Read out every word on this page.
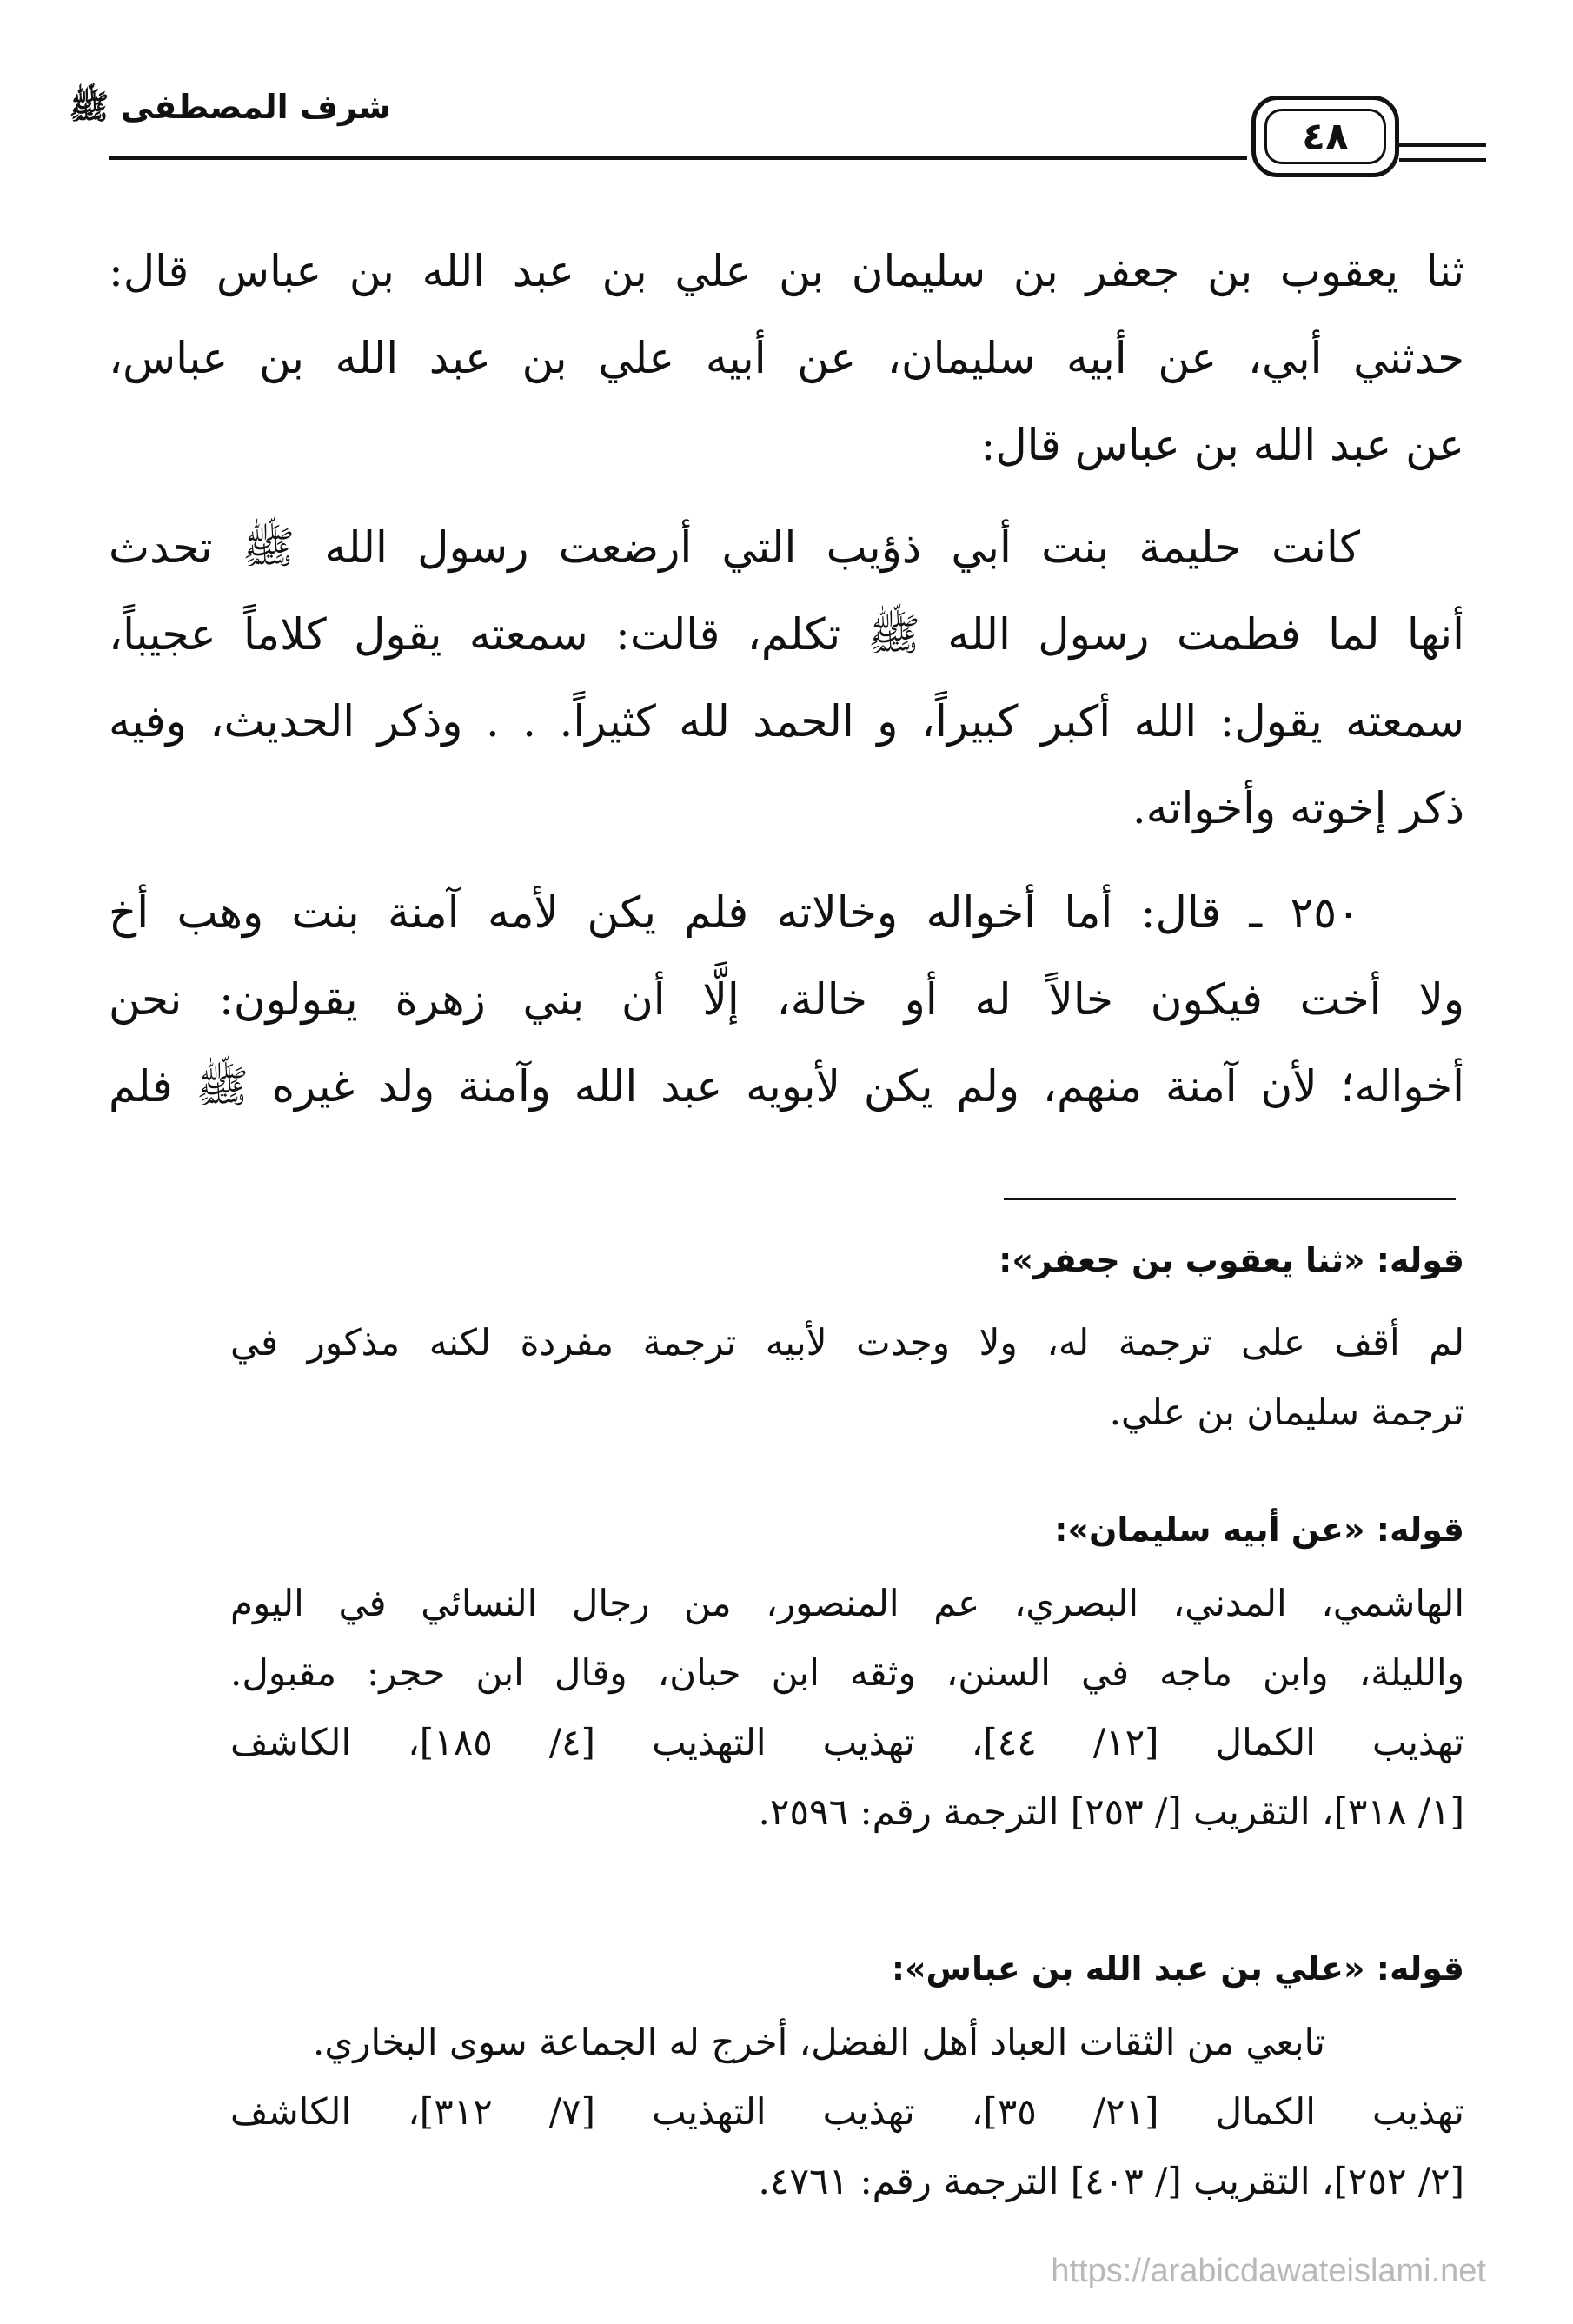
شرف المصطفى ﷺ
٤٨
ثنا يعقوب بن جعفر بن سليمان بن علي بن عبد الله بن عباس قال:
حدثني أبي، عن أبيه سليمان، عن أبيه علي بن عبد الله بن عباس،
عن عبد الله بن عباس قال:
كانت حليمة بنت أبي ذؤيب التي أرضعت رسول الله ﷺ تحدث
أنها لما فطمت رسول الله ﷺ تكلم، قالت: سمعته يقول كلاماً عجيباً،
سمعته يقول: الله أكبر كبيراً، و الحمد لله كثيراً. . . وذكر الحديث، وفيه
ذكر إخوته وأخواته.
٢٥٠ ـ قال: أما أخواله وخالاته فلم يكن لأمه آمنة بنت وهب أخ
ولا أخت فيكون خالاً له أو خالة، إلَّا أن بني زهرة يقولون: نحن
أخواله؛ لأن آمنة منهم، ولم يكن لأبويه عبد الله وآمنة ولد غيره ﷺ فلم
قوله: «ثنا يعقوب بن جعفر»:
لم أقف على ترجمة له، ولا وجدت لأبيه ترجمة مفردة لكنه مذكور في
ترجمة سليمان بن علي.
قوله: «عن أبيه سليمان»:
الهاشمي، المدني، البصري، عم المنصور، من رجال النسائي في اليوم
والليلة، وابن ماجه في السنن، وثقه ابن حبان، وقال ابن حجر: مقبول.
تهذيب الكمال [١٢/ ٤٤]، تهذيب التهذيب [٤/ ١٨٥]، الكاشف
[١/ ٣١٨]، التقريب [/ ٢٥٣] الترجمة رقم: ٢٥٩٦.
قوله: «علي بن عبد الله بن عباس»:
تابعي من الثقات العباد أهل الفضل، أخرج له الجماعة سوى البخاري.
تهذيب الكمال [٢١/ ٣٥]، تهذيب التهذيب [٧/ ٣١٢]، الكاشف
[٢/ ٢٥٢]، التقريب [/ ٤٠٣] الترجمة رقم: ٤٧٦١.
https://arabicdawateislami.net
